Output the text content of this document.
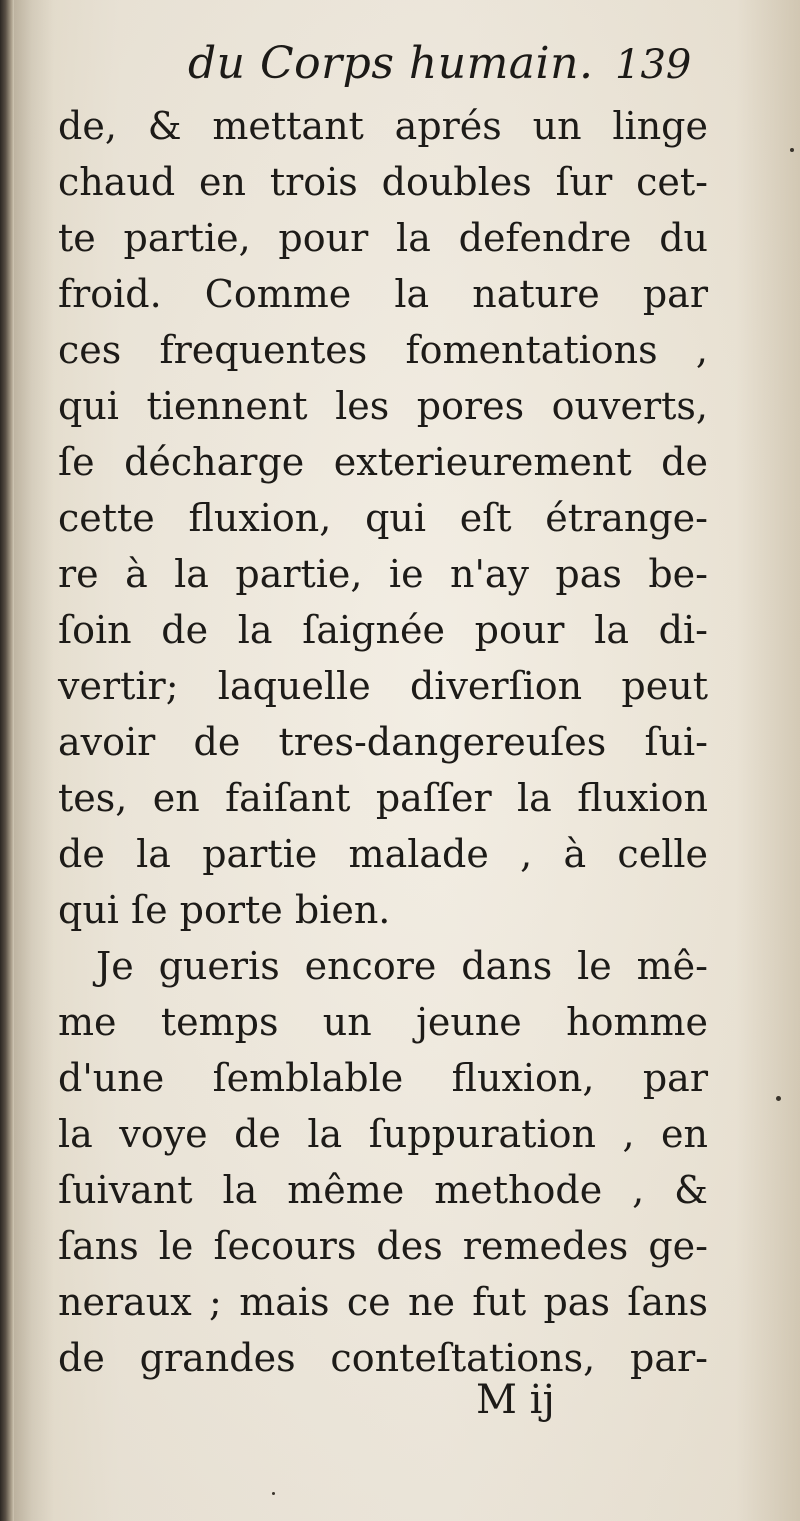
du Corps humain. 139
de, & mettant aprés un linge
chaud en trois doubles ſur cet-
te partie, pour la defendre du
froid. Comme la nature par
ces frequentes fomentations ,
qui tiennent les pores ouverts,
ſe décharge exterieurement de
cette fluxion, qui eſt étrange-
re à la partie, ie n'ay pas be-
ſoin de la ſaignée pour la di-
vertir; laquelle diverſion peut
avoir de tres-dangereuſes ſui-
tes, en faiſant paſſer la fluxion
de la partie malade , à celle
qui ſe porte bien.
Je gueris encore dans le mê-
me temps un jeune homme
d'une ſemblable fluxion, par
la voye de la ſuppuration , en
ſuivant la même methode , &
ſans le ſecours des remedes ge-
neraux ; mais ce ne fut pas ſans
de grandes conteſtations, par-
M ij
